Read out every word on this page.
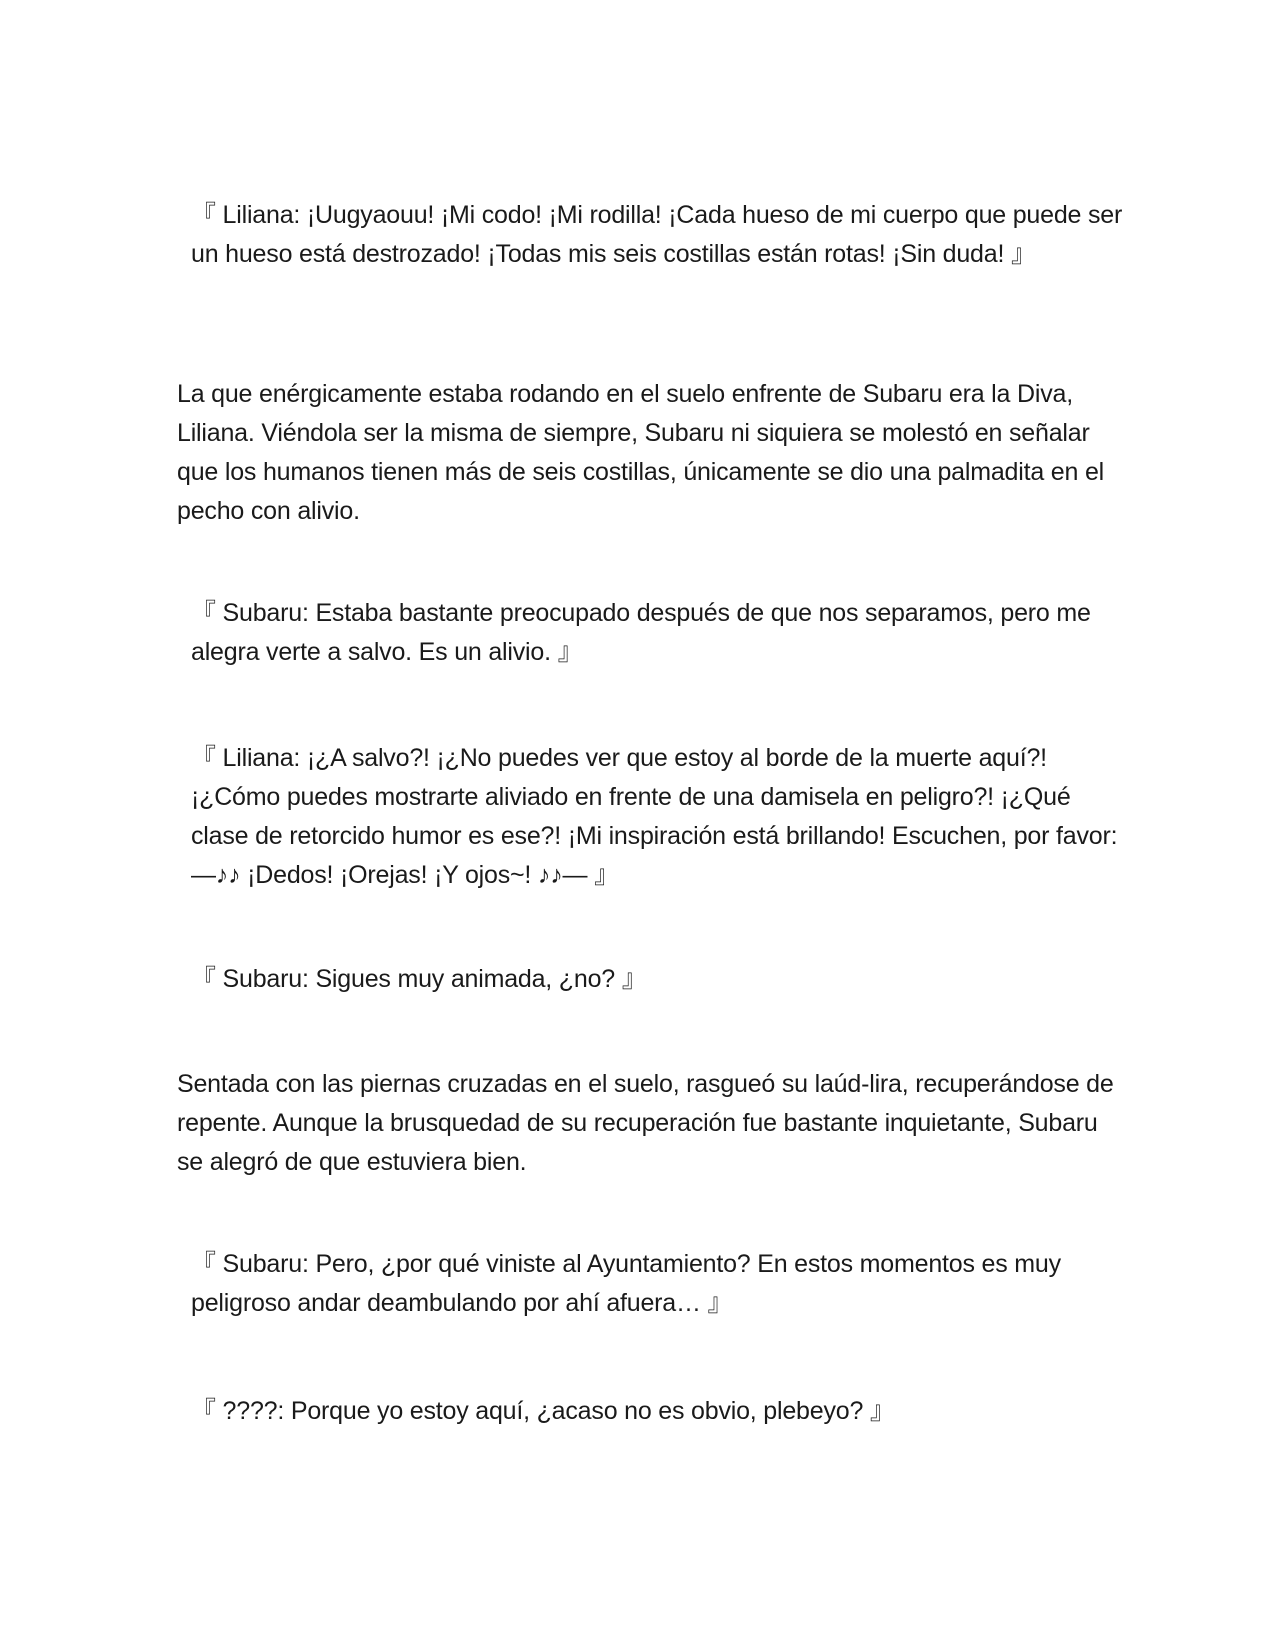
『 Liliana: ¡Uugyaouu! ¡Mi codo! ¡Mi rodilla! ¡Cada hueso de mi cuerpo que puede ser un hueso está destrozado! ¡Todas mis seis costillas están rotas! ¡Sin duda! 』

La que enérgicamente estaba rodando en el suelo enfrente de Subaru era la Diva, Liliana. Viéndola ser la misma de siempre, Subaru ni siquiera se molestó en señalar que los humanos tienen más de seis costillas, únicamente se dio una palmadita en el pecho con alivio.

『 Subaru: Estaba bastante preocupado después de que nos separamos, pero me alegra verte a salvo. Es un alivio. 』

『 Liliana: ¡¿A salvo?! ¡¿No puedes ver que estoy al borde de la muerte aquí?! ¡¿Cómo puedes mostrarte aliviado en frente de una damisela en peligro?! ¡¿Qué clase de retorcido humor es ese?! ¡Mi inspiración está brillando! Escuchen, por favor: —♪♪ ¡Dedos! ¡Orejas! ¡Y ojos~! ♪♪— 』

『 Subaru: Sigues muy animada, ¿no? 』

Sentada con las piernas cruzadas en el suelo, rasgueó su laúd-lira, recuperándose de repente. Aunque la brusquedad de su recuperación fue bastante inquietante, Subaru se alegró de que estuviera bien.

『 Subaru: Pero, ¿por qué viniste al Ayuntamiento? En estos momentos es muy peligroso andar deambulando por ahí afuera… 』

『 ????: Porque yo estoy aquí, ¿acaso no es obvio, plebeyo? 』
